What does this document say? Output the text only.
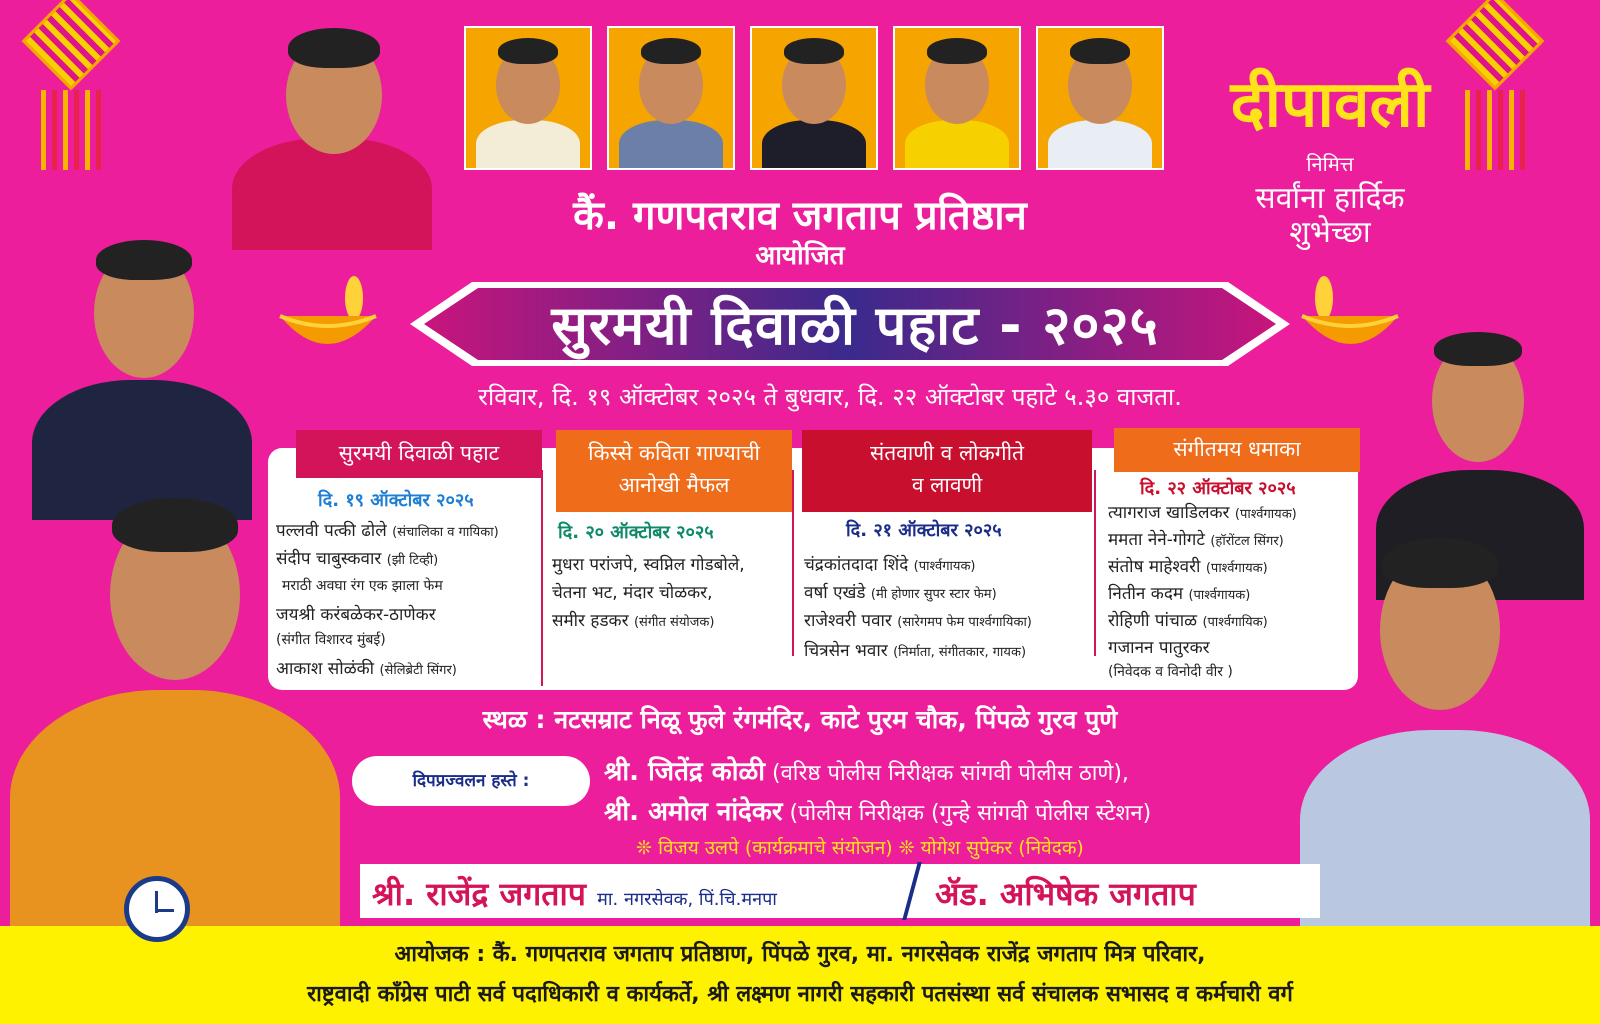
दीपावली
निमित्त
सर्वांना हार्दिक
शुभेच्छा
कैं. गणपतराव जगताप प्रतिष्ठान
आयोजित
सुरमयी दिवाळी पहाट - २०२५
रविवार, दि. १९ ऑक्टोबर २०२५ ते बुधवार, दि. २२ ऑक्टोबर पहाटे ५.३० वाजता.
सुरमयी दिवाळी पहाट
दि. १९ ऑक्टोबर २०२५
पल्लवी पत्की ढोले (संचालिका व गायिका)
संदीप चाबुस्कवार (झी टिव्ही)
मराठी अवघा रंग एक झाला फेम
जयश्री करंबळेकर-ठाणेकर
(संगीत विशारद मुंबई)
आकाश सोळंकी (सेलिब्रेटी सिंगर)
किस्से कविता गाण्याची
आनोखी मैफल
दि. २० ऑक्टोबर २०२५
मुधरा परांजपे, स्वप्निल गोडबोले,
चेतना भट, मंदार चोळकर,
समीर हडकर (संगीत संयोजक)
संतवाणी व लोकगीते
व लावणी
दि. २१ ऑक्टोबर २०२५
चंद्रकांतदादा शिंदे (पार्श्वगायक)
वर्षा एखंडे (मी होणार सुपर स्टार फेम)
राजेश्वरी पवार (सारेगमप फेम पार्श्वगायिका)
चित्रसेन भवार (निर्माता, संगीतकार, गायक)
संगीतमय धमाका
दि. २२ ऑक्टोबर २०२५
त्यागराज खाडिलकर (पार्श्वगायक)
ममता नेने-गोगटे (हॉरोंटल सिंगर)
संतोष माहेश्वरी (पार्श्वगायक)
नितीन कदम (पार्श्वगायक)
रोहिणी पांचाळ (पार्श्वगायिक)
गजानन पातुरकर
(निवेदक व विनोदी वीर )
स्थळ : नटसम्राट निळू फुले रंगमंदिर, काटे पुरम चौक, पिंपळे गुरव पुणे
दिपप्रज्वलन हस्ते :	श्री. जितेंद्र कोळी (वरिष्ठ पोलीस निरीक्षक सांगवी पोलीस ठाणे),
श्री. अमोल नांदेकर (पोलीस निरीक्षक (गुन्हे सांगवी पोलीस स्टेशन)
❊ विजय उलपे (कार्यक्रमाचे संयोजन) ❊ योगेश सुपेकर (निवेदक)
श्री. राजेंद्र जगताप मा. नगरसेवक, पिं.चि.मनपा	ॲड. अभिषेक जगताप
आयोजक : कैं. गणपतराव जगताप प्रतिष्ठाण, पिंपळे गुरव, मा. नगरसेवक राजेंद्र जगताप मित्र परिवार,
राष्ट्रवादी काँग्रेस पाटी सर्व पदाधिकारी व कार्यकर्ते, श्री लक्ष्मण नागरी सहकारी पतसंस्था सर्व संचालक सभासद व कर्मचारी वर्ग
